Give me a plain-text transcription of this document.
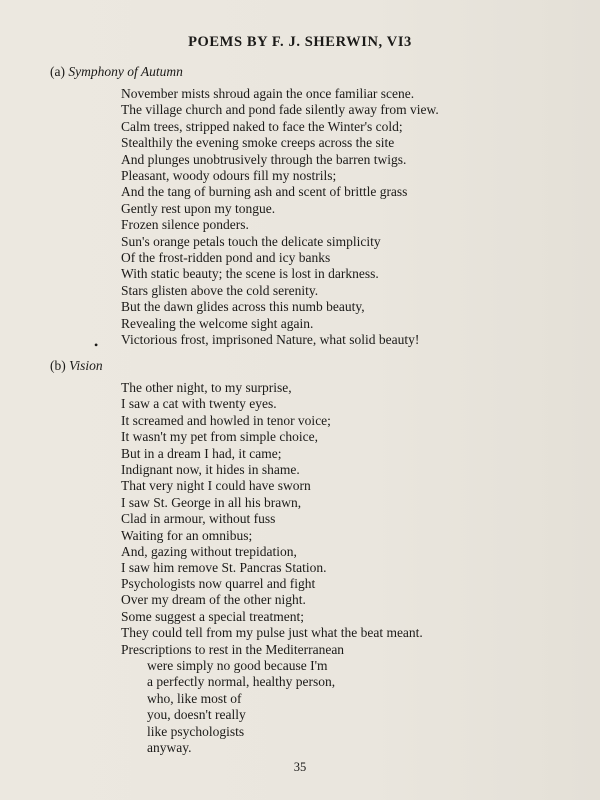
POEMS BY F. J. SHERWIN, VI3
(a) Symphony of Autumn
November mists shroud again the once familiar scene.
The village church and pond fade silently away from view.
Calm trees, stripped naked to face the Winter's cold;
Stealthily the evening smoke creeps across the site
And plunges unobtrusively through the barren twigs.
Pleasant, woody odours fill my nostrils;
And the tang of burning ash and scent of brittle grass
Gently rest upon my tongue.
Frozen silence ponders.
Sun's orange petals touch the delicate simplicity
Of the frost-ridden pond and icy banks
With static beauty; the scene is lost in darkness.
Stars glisten above the cold serenity.
But the dawn glides across this numb beauty,
Revealing the welcome sight again.
Victorious frost, imprisoned Nature, what solid beauty!
•
(b) Vision
The other night, to my surprise,
I saw a cat with twenty eyes.
It screamed and howled in tenor voice;
It wasn't my pet from simple choice,
But in a dream I had, it came;
Indignant now, it hides in shame.
That very night I could have sworn
I saw St. George in all his brawn,
Clad in armour, without fuss
Waiting for an omnibus;
And, gazing without trepidation,
I saw him remove St. Pancras Station.
Psychologists now quarrel and fight
Over my dream of the other night.
Some suggest a special treatment;
They could tell from my pulse just what the beat meant.
Prescriptions to rest in the Mediterranean
were simply no good because I'm
a perfectly normal, healthy person,
who, like most of
you, doesn't really
like psychologists
anyway.
35
